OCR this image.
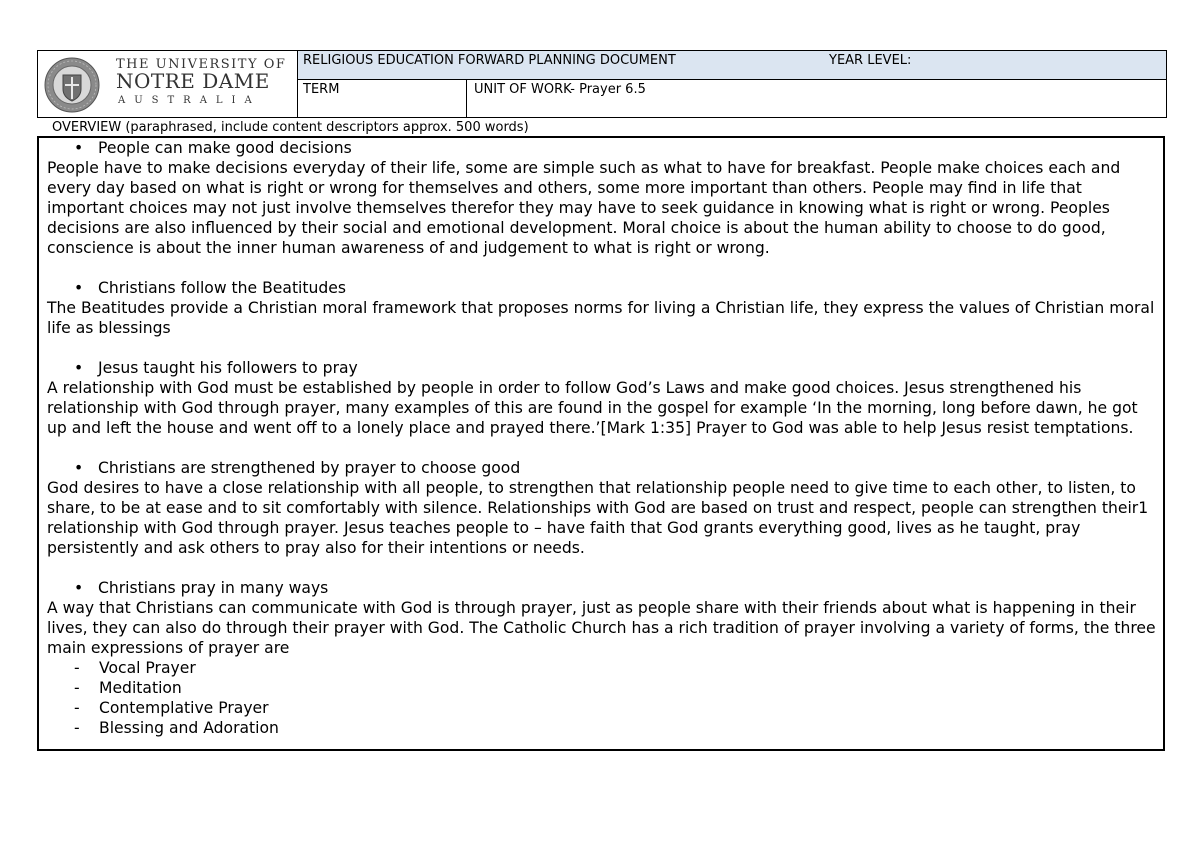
THE UNIVERSITY OF
NOTRE DAME
AUSTRALIA
RELIGIOUS EDUCATION FORWARD PLANNING DOCUMENT	YEAR LEVEL:
TERM	UNIT OF WORK- Prayer 6.5
OVERVIEW (paraphrased, include content descriptors approx. 500 words)

• People can make good decisions

People have to make decisions everyday of their life, some are simple such as what to have for breakfast. People make choices each and every day based on what is right or wrong for themselves and others, some more important than others. People may find in life that important choices may not just involve themselves therefor they may have to seek guidance in knowing what is right or wrong. Peoples decisions are also influenced by their social and emotional development. Moral choice is about the human ability to choose to do good, conscience is about the inner human awareness of and judgement to what is right or wrong.

• Christians follow the Beatitudes

The Beatitudes provide a Christian moral framework that proposes norms for living a Christian life, they express the values of Christian moral life as blessings

• Jesus taught his followers to pray

A relationship with God must be established by people in order to follow God’s Laws and make good choices. Jesus strengthened his relationship with God through prayer, many examples of this are found in the gospel for example ‘In the morning, long before dawn, he got up and left the house and went off to a lonely place and prayed there.’[Mark 1:35] Prayer to God was able to help Jesus resist temptations.

• Christians are strengthened by prayer to choose good

God desires to have a close relationship with all people, to strengthen that relationship people need to give time to each other, to listen, to share, to be at ease and to sit comfortably with silence. Relationships with God are based on trust and respect, people can strengthen their1 relationship with God through prayer. Jesus teaches people to – have faith that God grants everything good, lives as he taught, pray persistently and ask others to pray also for their intentions or needs.

• Christians pray in many ways

A way that Christians can communicate with God is through prayer, just as people share with their friends about what is happening in their lives, they can also do through their prayer with God. The Catholic Church has a rich tradition of prayer involving a variety of forms, the three main expressions of prayer are

- Vocal Prayer

- Meditation

- Contemplative Prayer

- Blessing and Adoration
